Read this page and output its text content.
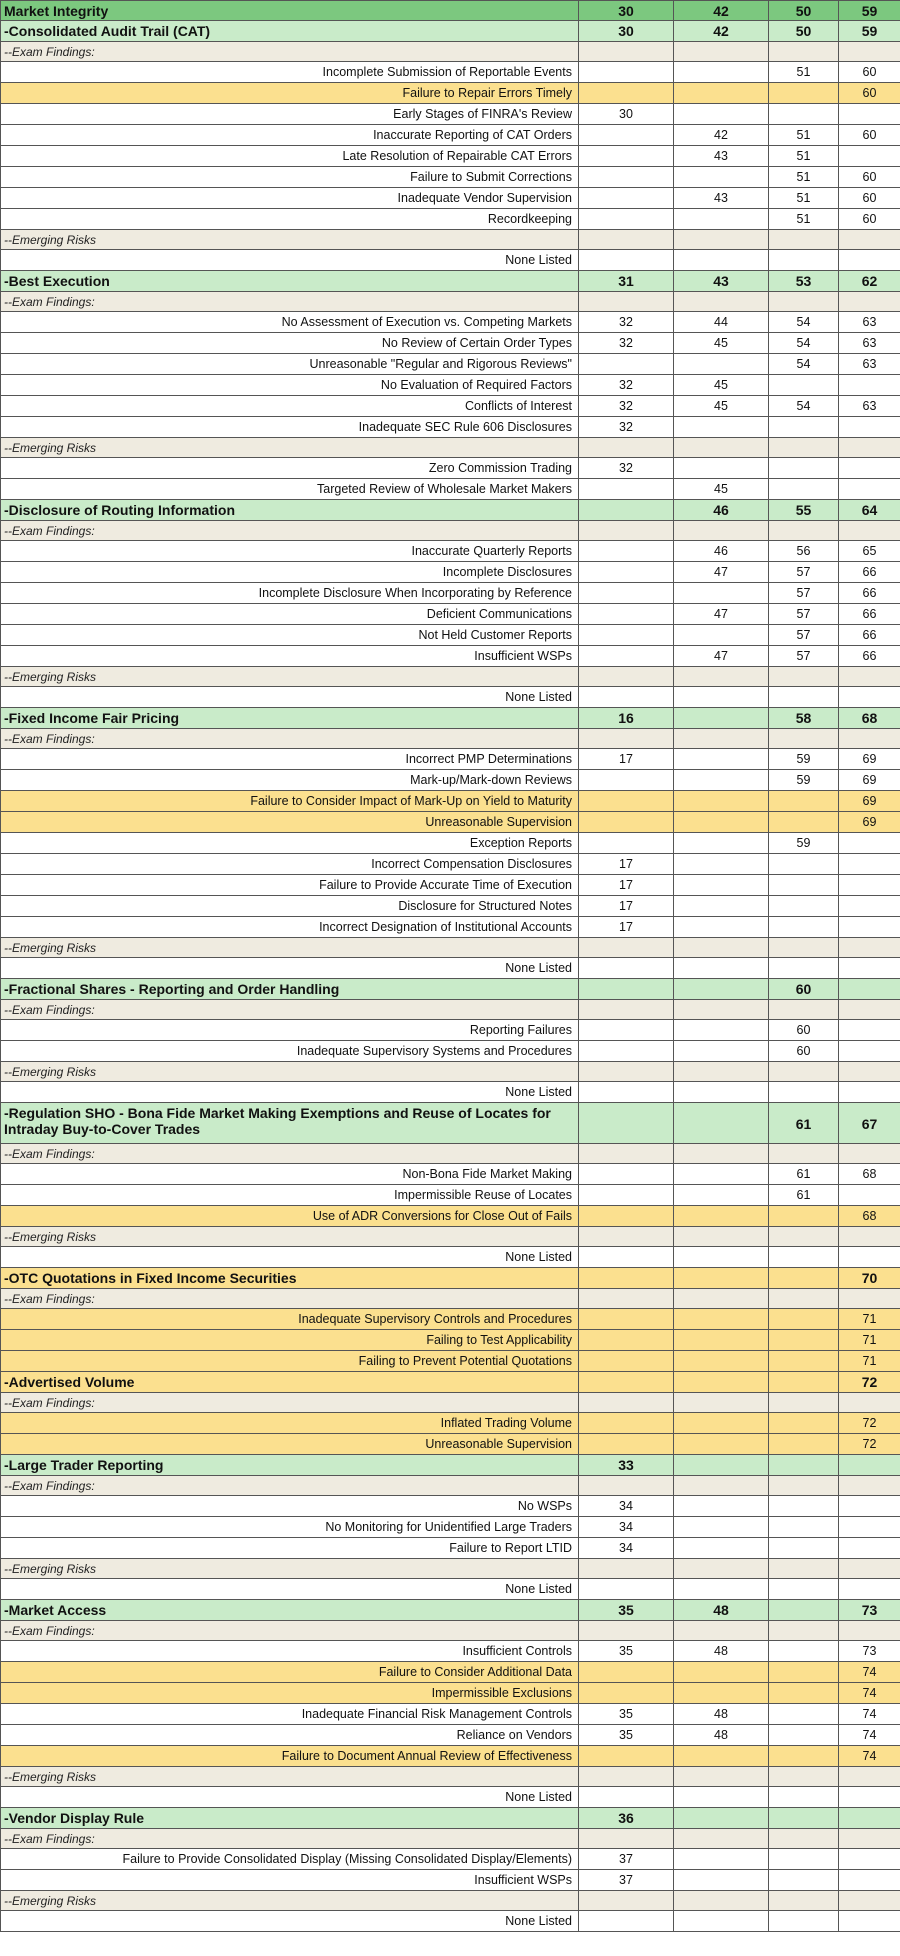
Market Integrity	30	42	50	59
-Consolidated Audit Trail (CAT)	30	42	50	59
--Exam Findings:				
Incomplete Submission of Reportable Events			51	60
Failure to Repair Errors Timely				60
Early Stages of FINRA's Review	30			
Inaccurate Reporting of CAT Orders		42	51	60
Late Resolution of Repairable CAT Errors		43	51	
Failure to Submit Corrections			51	60
Inadequate Vendor Supervision		43	51	60
Recordkeeping			51	60
--Emerging Risks				
None Listed				
-Best Execution	31	43	53	62
--Exam Findings:				
No Assessment of Execution vs. Competing Markets	32	44	54	63
No Review of Certain Order Types	32	45	54	63
Unreasonable "Regular and Rigorous Reviews"			54	63
No Evaluation of Required Factors	32	45		
Conflicts of Interest	32	45	54	63
Inadequate SEC Rule 606 Disclosures	32			
--Emerging Risks				
Zero Commission Trading	32			
Targeted Review of Wholesale Market Makers		45		
-Disclosure of Routing Information		46	55	64
--Exam Findings:				
Inaccurate Quarterly Reports		46	56	65
Incomplete Disclosures		47	57	66
Incomplete Disclosure When Incorporating by Reference			57	66
Deficient Communications		47	57	66
Not Held Customer Reports			57	66
Insufficient WSPs		47	57	66
--Emerging Risks				
None Listed				
-Fixed Income Fair Pricing	16		58	68
--Exam Findings:				
Incorrect PMP Determinations	17		59	69
Mark-up/Mark-down Reviews			59	69
Failure to Consider Impact of Mark-Up on Yield to Maturity				69
Unreasonable Supervision				69
Exception Reports			59	
Incorrect Compensation Disclosures	17			
Failure to Provide Accurate Time of Execution	17			
Disclosure for Structured Notes	17			
Incorrect Designation of Institutional Accounts	17			
--Emerging Risks				
None Listed				
-Fractional Shares - Reporting and Order Handling			60	
--Exam Findings:				
Reporting Failures			60	
Inadequate Supervisory Systems and Procedures			60	
--Emerging Risks				
None Listed				
-Regulation SHO - Bona Fide Market Making Exemptions and Reuse of Locates for Intraday Buy-to-Cover Trades			61	67
--Exam Findings:				
Non-Bona Fide Market Making			61	68
Impermissible Reuse of Locates			61	
Use of ADR Conversions for Close Out of Fails				68
--Emerging Risks				
None Listed				
-OTC Quotations in Fixed Income Securities				70
--Exam Findings:				
Inadequate Supervisory Controls and Procedures				71
Failing to Test Applicability				71
Failing to Prevent Potential Quotations				71
-Advertised Volume				72
--Exam Findings:				
Inflated Trading Volume				72
Unreasonable Supervision				72
-Large Trader Reporting	33			
--Exam Findings:				
No WSPs	34			
No Monitoring for Unidentified Large Traders	34			
Failure to Report LTID	34			
--Emerging Risks				
None Listed				
-Market Access	35	48		73
--Exam Findings:				
Insufficient Controls	35	48		73
Failure to Consider Additional Data				74
Impermissible Exclusions				74
Inadequate Financial Risk Management Controls	35	48		74
Reliance on Vendors	35	48		74
Failure to Document Annual Review of Effectiveness				74
--Emerging Risks				
None Listed				
-Vendor Display Rule	36			
--Exam Findings:				
Failure to Provide Consolidated Display (Missing Consolidated Display/Elements)	37			
Insufficient WSPs	37			
--Emerging Risks				
None Listed				
